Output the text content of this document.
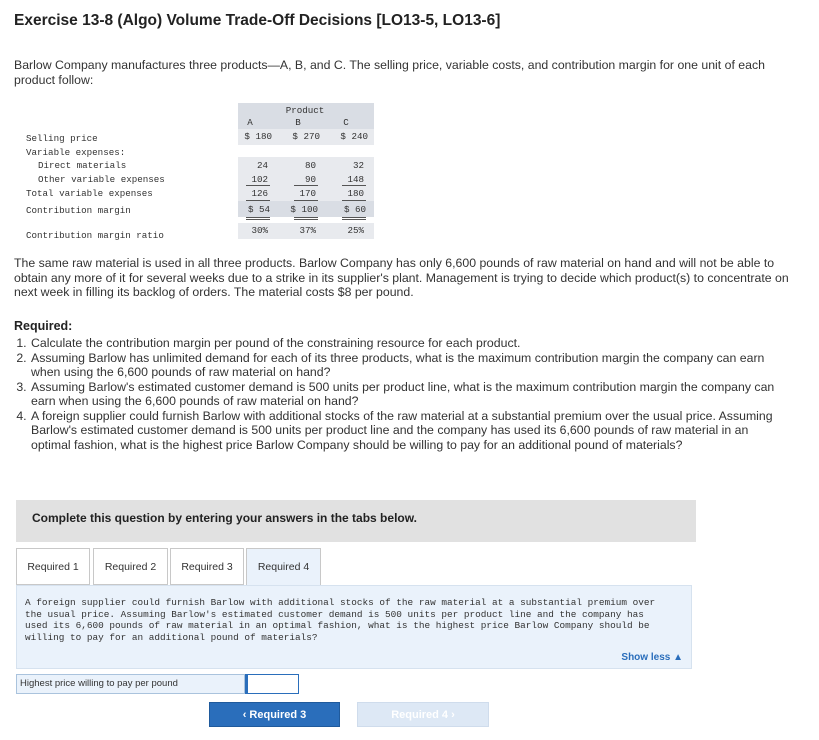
Exercise 13-8 (Algo) Volume Trade-Off Decisions [LO13-5, LO13-6]
Barlow Company manufactures three products—A, B, and C. The selling price, variable costs, and contribution margin for one unit of each product follow:
Product
A	B	C
Selling price	$ 180	$ 270	$ 240
Variable expenses:
Direct materials	24	80	32
Other variable expenses	102	90	148
Total variable expenses	126	170	180
Contribution margin	$ 54	$ 100	$ 60
Contribution margin ratio	30%	37%	25%
The same raw material is used in all three products. Barlow Company has only 6,600 pounds of raw material on hand and will not be able to obtain any more of it for several weeks due to a strike in its supplier's plant. Management is trying to decide which product(s) to concentrate on next week in filling its backlog of orders. The material costs $8 per pound.
Required:
1. Calculate the contribution margin per pound of the constraining resource for each product.
2. Assuming Barlow has unlimited demand for each of its three products, what is the maximum contribution margin the company can earn when using the 6,600 pounds of raw material on hand?
3. Assuming Barlow's estimated customer demand is 500 units per product line, what is the maximum contribution margin the company can earn when using the 6,600 pounds of raw material on hand?
4. A foreign supplier could furnish Barlow with additional stocks of the raw material at a substantial premium over the usual price. Assuming Barlow's estimated customer demand is 500 units per product line and the company has used its 6,600 pounds of raw material in an optimal fashion, what is the highest price Barlow Company should be willing to pay for an additional pound of materials?
Complete this question by entering your answers in the tabs below.
Required 1	Required 2	Required 3	Required 4
A foreign supplier could furnish Barlow with additional stocks of the raw material at a substantial premium over the usual price. Assuming Barlow's estimated customer demand is 500 units per product line and the company has used its 6,600 pounds of raw material in an optimal fashion, what is the highest price Barlow Company should be willing to pay for an additional pound of materials?
Show less ▲
Highest price willing to pay per pound
‹ Required 3	Required 4 ›
